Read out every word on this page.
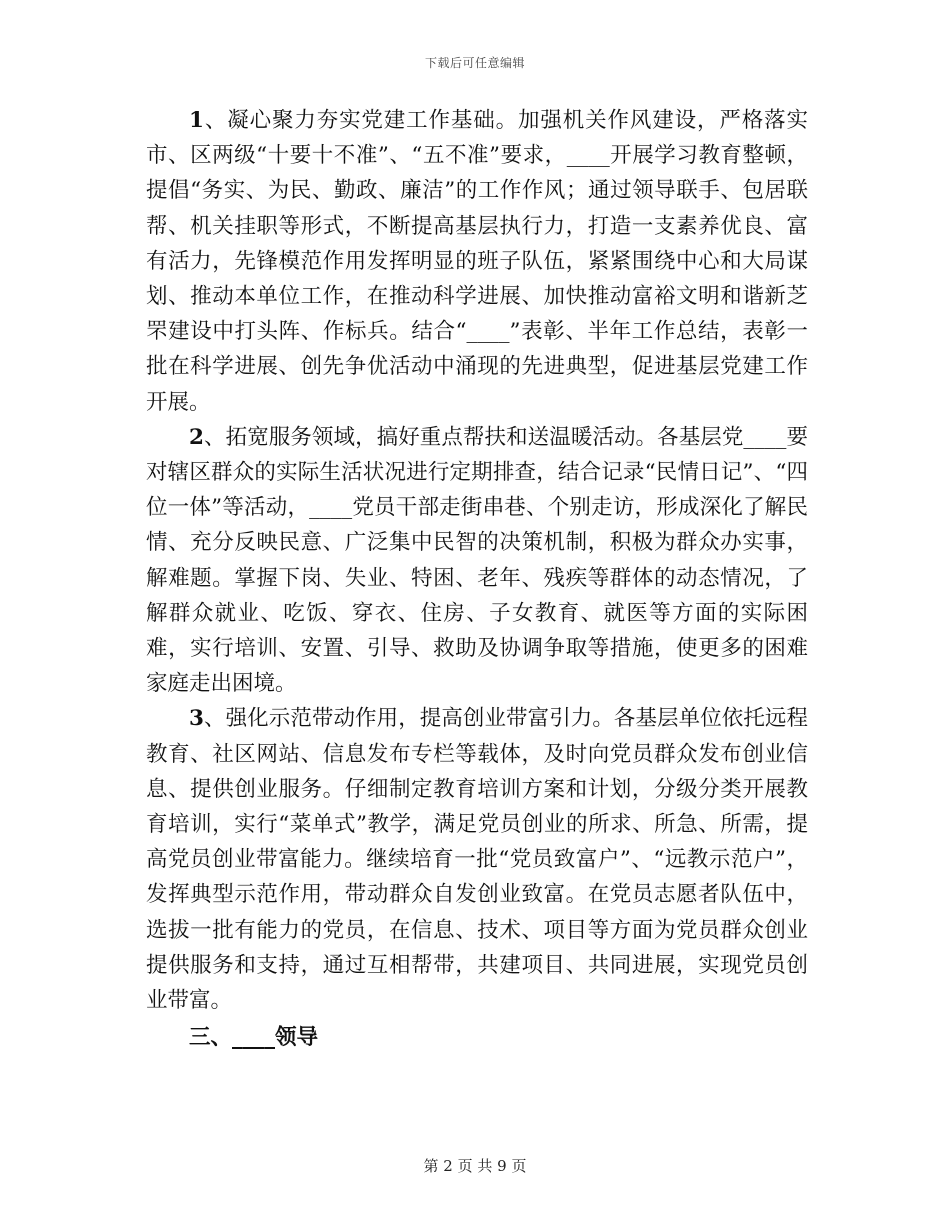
下载后可任意编辑

1、凝心聚力夯实党建工作基础。加强机关作风建设，严格落实市、区两级“十要十不准”、“五不准”要求，____开展学习教育整顿，提倡“务实、为民、勤政、廉洁”的工作作风；通过领导联手、包居联帮、机关挂职等形式，不断提高基层执行力，打造一支素养优良、富有活力，先锋模范作用发挥明显的班子队伍，紧紧围绕中心和大局谋划、推动本单位工作，在推动科学进展、加快推动富裕文明和谐新芝罘建设中打头阵、作标兵。结合“____”表彰、半年工作总结，表彰一批在科学进展、创先争优活动中涌现的先进典型，促进基层党建工作开展。

2、拓宽服务领域，搞好重点帮扶和送温暖活动。各基层党____要对辖区群众的实际生活状况进行定期排查，结合记录“民情日记”、“四位一体”等活动，____党员干部走街串巷、个别走访，形成深化了解民情、充分反映民意、广泛集中民智的决策机制，积极为群众办实事，解难题。掌握下岗、失业、特困、老年、残疾等群体的动态情况，了解群众就业、吃饭、穿衣、住房、子女教育、就医等方面的实际困难，实行培训、安置、引导、救助及协调争取等措施，使更多的困难家庭走出困境。

3、强化示范带动作用，提高创业带富引力。各基层单位依托远程教育、社区网站、信息发布专栏等载体，及时向党员群众发布创业信息、提供创业服务。仔细制定教育培训方案和计划，分级分类开展教育培训，实行“菜单式”教学，满足党员创业的所求、所急、所需，提高党员创业带富能力。继续培育一批“党员致富户”、“远教示范户”，发挥典型示范作用，带动群众自发创业致富。在党员志愿者队伍中，选拔一批有能力的党员，在信息、技术、项目等方面为党员群众创业提供服务和支持，通过互相帮带，共建项目、共同进展，实现党员创业带富。

三、____领导

第 2 页 共 9 页
